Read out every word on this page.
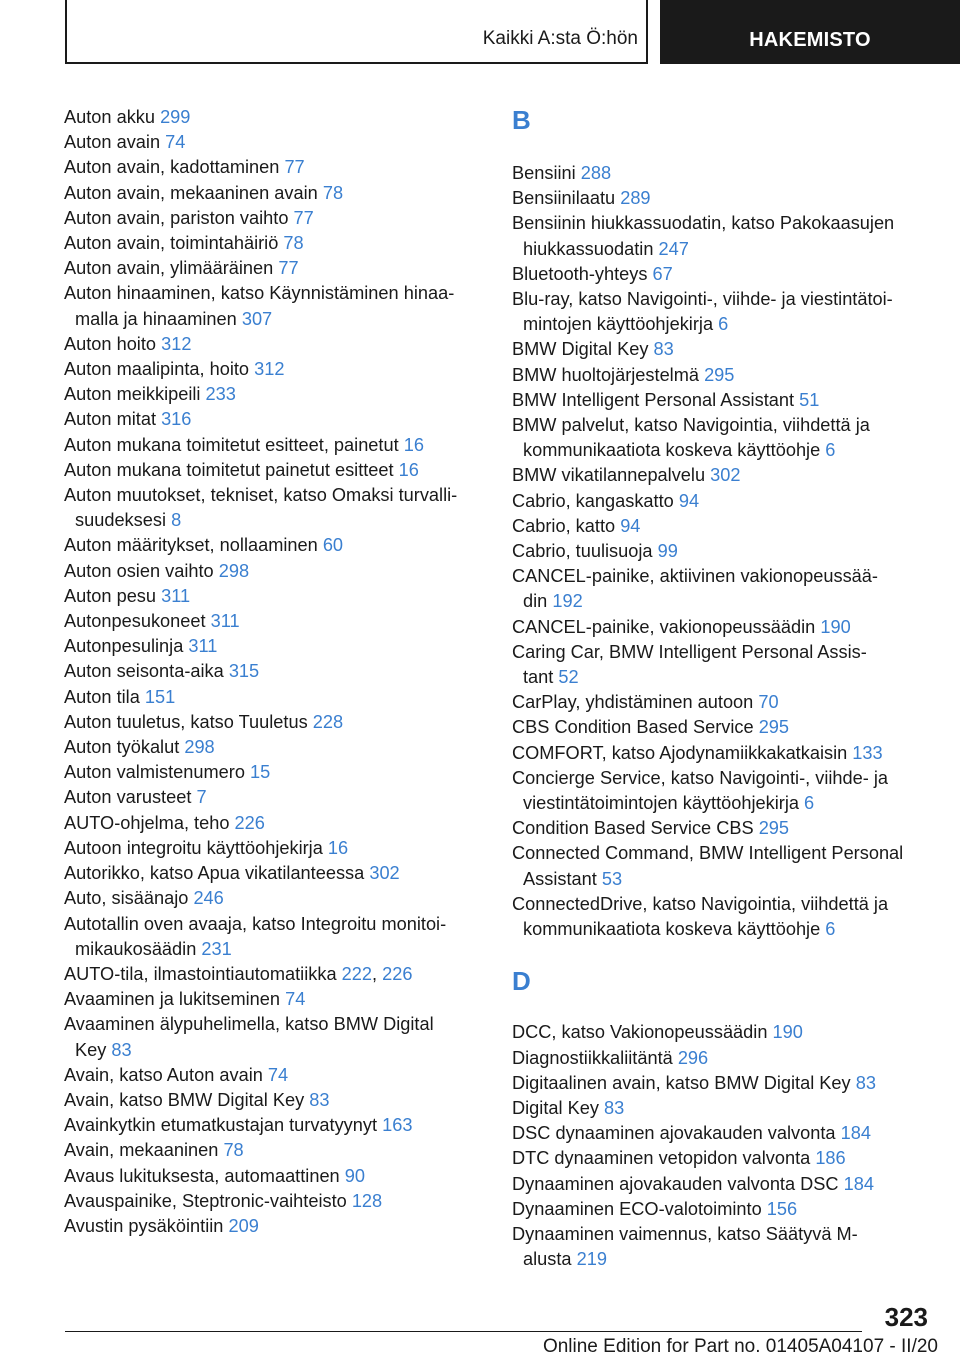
Kaikki A:sta Ö:hön	HAKEMISTO
Auton akku 299
Auton avain 74
Auton avain, kadottaminen 77
Auton avain, mekaaninen avain 78
Auton avain, pariston vaihto 77
Auton avain, toimintahäiriö 78
Auton avain, ylimääräinen 77
Auton hinaaminen, katso Käynnistäminen hinaa-
malla ja hinaaminen 307
Auton hoito 312
Auton maalipinta, hoito 312
Auton meikkipeili 233
Auton mitat 316
Auton mukana toimitetut esitteet, painetut 16
Auton mukana toimitetut painetut esitteet 16
Auton muutokset, tekniset, katso Omaksi turvalli-
suudeksesi 8
Auton määritykset, nollaaminen 60
Auton osien vaihto 298
Auton pesu 311
Autonpesukoneet 311
Autonpesulinja 311
Auton seisonta-aika 315
Auton tila 151
Auton tuuletus, katso Tuuletus 228
Auton työkalut 298
Auton valmistenumero 15
Auton varusteet 7
AUTO-ohjelma, teho 226
Autoon integroitu käyttöohjekirja 16
Autorikko, katso Apua vikatilanteessa 302
Auto, sisäänajo 246
Autotallin oven avaaja, katso Integroitu monitoi-
mikaukosäädin 231
AUTO-tila, ilmastointiautomatiikka 222, 226
Avaaminen ja lukitseminen 74
Avaaminen älypuhelimella, katso BMW Digital
Key 83
Avain, katso Auton avain 74
Avain, katso BMW Digital Key 83
Avainkytkin etumatkustajan turvatyynyt 163
Avain, mekaaninen 78
Avaus lukituksesta, automaattinen 90
Avauspainike, Steptronic-vaihteisto 128
Avustin pysäköintiin 209
B
Bensiini 288
Bensiinilaatu 289
Bensiinin hiukkassuodatin, katso Pakokaasujen
hiukkassuodatin 247
Bluetooth-yhteys 67
Blu-ray, katso Navigointi-, viihde- ja viestintätoi-
mintojen käyttöohjekirja 6
BMW Digital Key 83
BMW huoltojärjestelmä 295
BMW Intelligent Personal Assistant 51
BMW palvelut, katso Navigointia, viihdettä ja
kommunikaatiota koskeva käyttöohje 6
BMW vikatilannepalvelu 302
Cabrio, kangaskatto 94
Cabrio, katto 94
Cabrio, tuulisuoja 99
CANCEL-painike, aktiivinen vakionopeussää-
din 192
CANCEL-painike, vakionopeussäädin 190
Caring Car, BMW Intelligent Personal Assis-
tant 52
CarPlay, yhdistäminen autoon 70
CBS Condition Based Service 295
COMFORT, katso Ajodynamiikkakatkaisin 133
Concierge Service, katso Navigointi-, viihde- ja
viestintätoimintojen käyttöohjekirja 6
Condition Based Service CBS 295
Connected Command, BMW Intelligent Personal
Assistant 53
ConnectedDrive, katso Navigointia, viihdettä ja
kommunikaatiota koskeva käyttöohje 6
D
DCC, katso Vakionopeussäädin 190
Diagnostiikkaliitäntä 296
Digitaalinen avain, katso BMW Digital Key 83
Digital Key 83
DSC dynaaminen ajovakauden valvonta 184
DTC dynaaminen vetopidon valvonta 186
Dynaaminen ajovakauden valvonta DSC 184
Dynaaminen ECO-valotoiminto 156
Dynaaminen vaimennus, katso Säätyvä M-
alusta 219
323
Online Edition for Part no. 01405A04107 - II/20
